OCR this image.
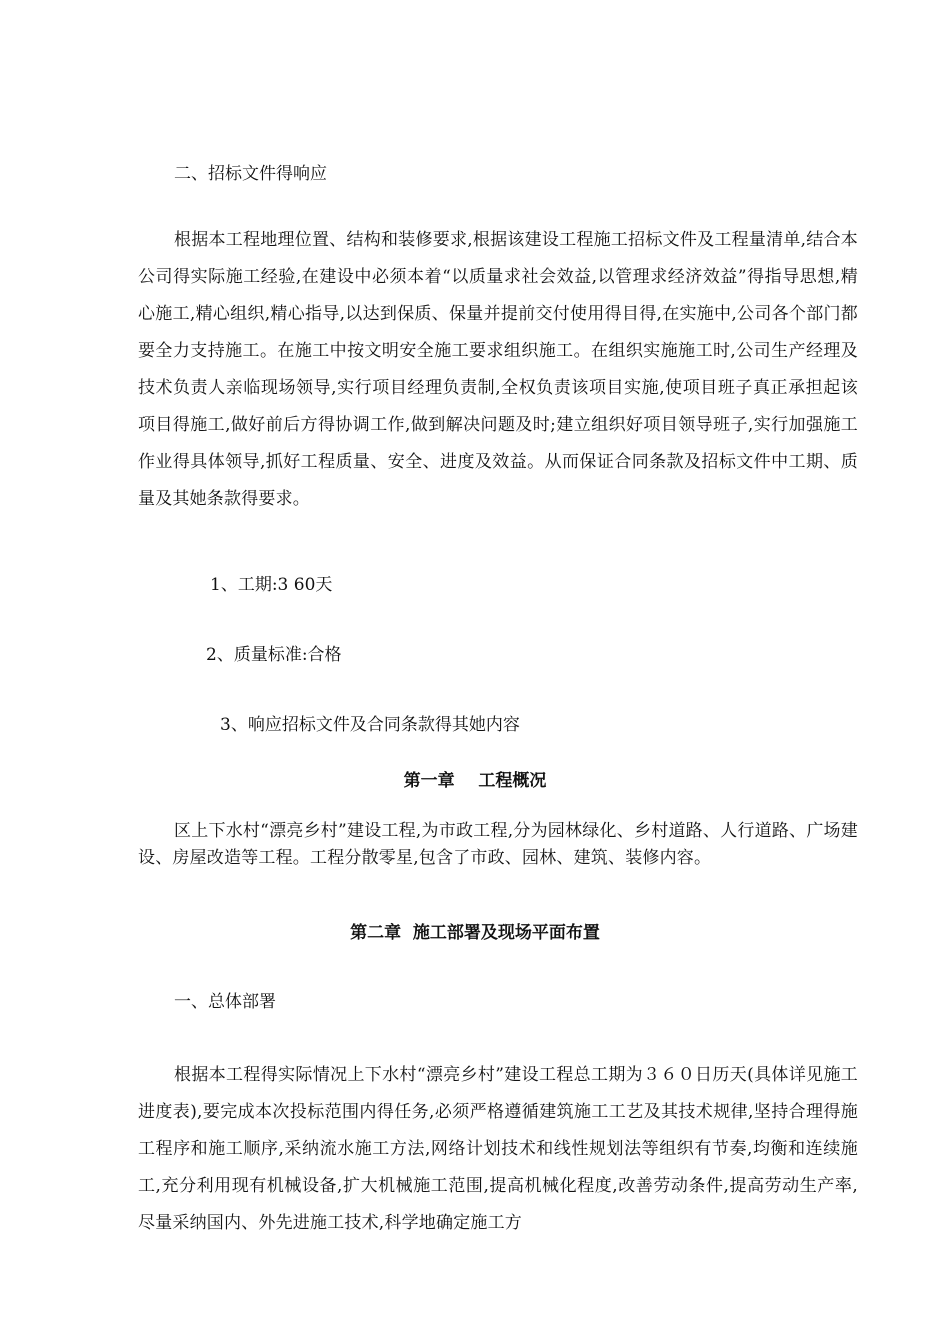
二、招标文件得响应

根据本工程地理位置、结构和装修要求,根据该建设工程施工招标文件及工程量清单,结合本公司得实际施工经验,在建设中必须本着“以质量求社会效益,以管理求经济效益”得指导思想,精心施工,精心组织,精心指导,以达到保质、保量并提前交付使用得目得,在实施中,公司各个部门都要全力支持施工。在施工中按文明安全施工要求组织施工。在组织实施施工时,公司生产经理及技术负责人亲临现场领导,实行项目经理负责制,全权负责该项目实施,使项目班子真正承担起该项目得施工,做好前后方得协调工作,做到解决问题及时;建立组织好项目领导班子,实行加强施工作业得具体领导,抓好工程质量、安全、进度及效益。从而保证合同条款及招标文件中工期、质量及其她条款得要求。

1、工期:3 60天
2、质量标准:合格
3、响应招标文件及合同条款得其她内容
第一章    工程概况

区上下水村“漂亮乡村”建设工程,为市政工程,分为园林绿化、乡村道路、人行道路、广场建设、房屋改造等工程。工程分散零星,包含了市政、园林、建筑、装修内容。

第二章  施工部署及现场平面布置
一、总体部署

根据本工程得实际情况上下水村“漂亮乡村”建设工程总工期为３６０日历天(具体详见施工进度表),要完成本次投标范围内得任务,必须严格遵循建筑施工工艺及其技术规律,坚持合理得施工程序和施工顺序,采纳流水施工方法,网络计划技术和线性规划法等组织有节奏,均衡和连续施工,充分利用现有机械设备,扩大机械施工范围,提高机械化程度,改善劳动条件,提高劳动生产率,尽量采纳国内、外先进施工技术,科学地确定施工方
